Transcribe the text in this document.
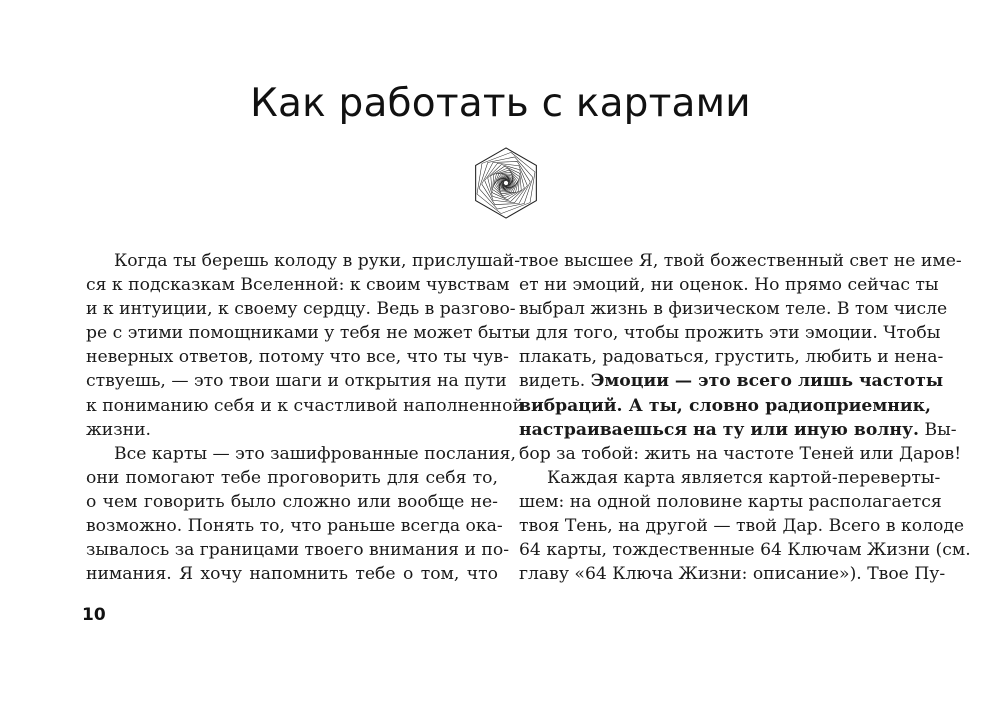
Как работать с картами
Когда ты берешь колоду в руки, прислушай-
ся к подсказкам Вселенной: к своим чувствам
и к интуиции, к своему сердцу. Ведь в разгово-
ре с этими помощниками у тебя не может быть
неверных ответов, потому что все, что ты чув-
ствуешь, — это твои шаги и открытия на пути
к пониманию себя и к счастливой наполненной
жизни.
Все карты — это зашифрованные послания,
они помогают тебе проговорить для себя то,
о чем говорить было сложно или вообще не-
возможно. Понять то, что раньше всегда ока-
зывалось за границами твоего внимания и по-
нимания. Я хочу напомнить тебе о том, что
твое высшее Я, твой божественный свет не име-
ет ни эмоций, ни оценок. Но прямо сейчас ты
выбрал жизнь в физическом теле. В том числе
и для того, чтобы прожить эти эмоции. Чтобы
плакать, радоваться, грустить, любить и нена-
видеть. Эмоции — это всего лишь частоты
вибраций. А ты, словно радиоприемник,
настраиваешься на ту или иную волну. Вы-
бор за тобой: жить на частоте Теней или Даров!
Каждая карта является картой-переверты-
шем: на одной половине карты располагается
твоя Тень, на другой — твой Дар. Всего в колоде
64 карты, тождественные 64 Ключам Жизни (см.
главу «64 Ключа Жизни: описание»). Твое Пу-
10
